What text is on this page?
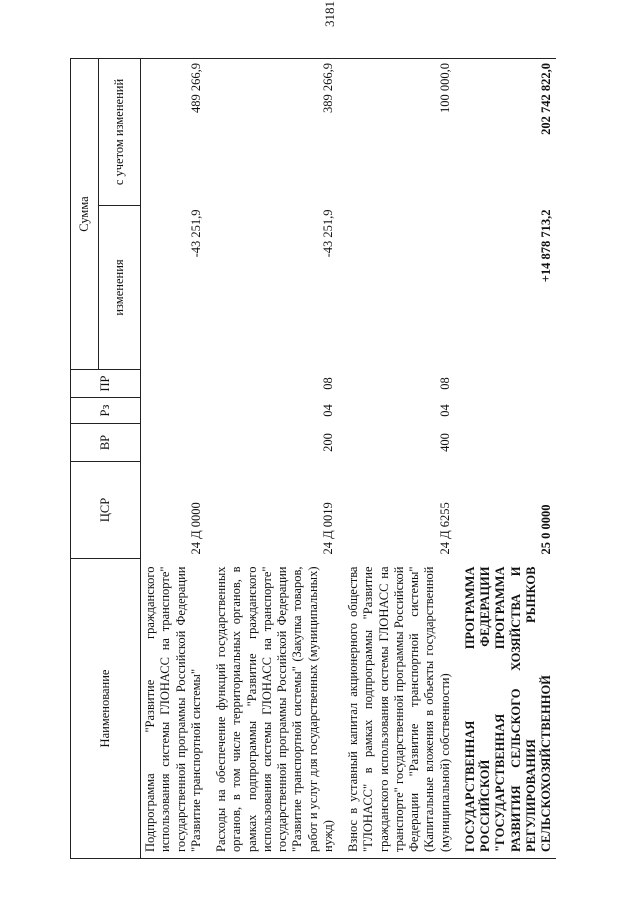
3181
Наименование	ЦСР	ВР	Рз	ПР	Сумма	
					изменения	с учетом изменений
Подпрограмма "Развитие гражданского использования системы ГЛОНАСС на транспорте" государственной программы Российской Федерации "Развитие транспортной системы"	24 Д 0000				-43 251,9	489 266,9
Расходы на обеспечение функций государственных органов, в том числе территориальных органов, в рамках подпрограммы "Развитие гражданского использования системы ГЛОНАСС на транспорте" государственной программы Российской Федерации "Развитие транспортной системы" (Закупка товаров, работ и услуг для государственных (муниципальных) нужд)	24 Д 0019	200	04	08	-43 251,9	389 266,9
Взнос в уставный капитал акционерного общества "ГЛОНАСС" в рамках подпрограммы "Развитие гражданского использования системы ГЛОНАСС на транспорте" государственной программы Российской Федерации "Развитие транспортной системы" (Капитальные вложения в объекты государственной (муниципальной) собственности)	24 Д 6255	400	04	08		100 000,0
ГОСУДАРСТВЕННАЯ ПРОГРАММА РОССИЙСКОЙ ФЕДЕРАЦИИ "ГОСУДАРСТВЕННАЯ ПРОГРАММА РАЗВИТИЯ СЕЛЬСКОГО ХОЗЯЙСТВА И РЕГУЛИРОВАНИЯ РЫНКОВ СЕЛЬСКОХОЗЯЙСТВЕННОЙ	25 0 0000				+14 878 713,2	202 742 822,0
